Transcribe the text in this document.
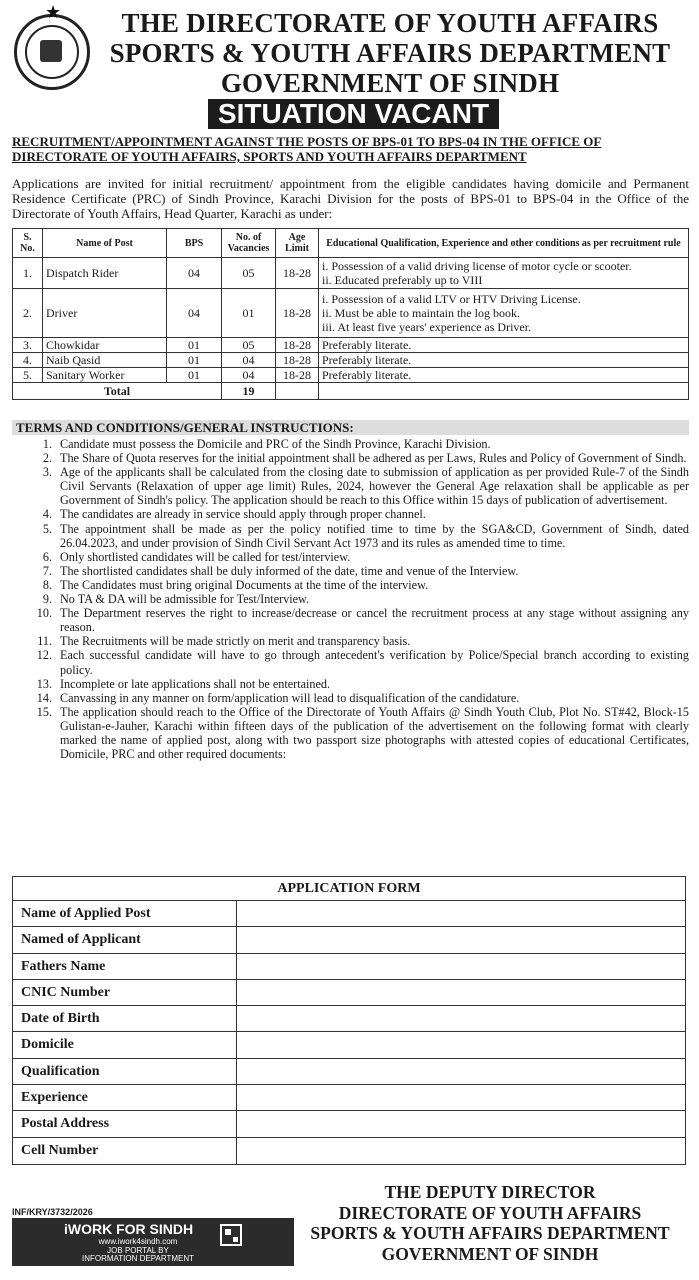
★	THE DIRECTORATE OF YOUTH AFFAIRS
SPORTS & YOUTH AFFAIRS DEPARTMENT
GOVERNMENT OF SINDH
SITUATION VACANT
RECRUITMENT/APPOINTMENT AGAINST THE POSTS OF BPS-01 TO BPS-04 IN THE OFFICE OF DIRECTORATE OF YOUTH AFFAIRS, SPORTS AND YOUTH AFFAIRS DEPARTMENT
Applications are invited for initial recruitment/ appointment from the eligible candidates having domicile and Permanent Residence Certificate (PRC) of Sindh Province, Karachi Division for the posts of BPS-01 to BPS-04 in the Office of the Directorate of Youth Affairs, Head Quarter, Karachi as under:
S. No.	Name of Post	BPS	No. of Vacancies	Age Limit	Educational Qualification, Experience and other conditions as per recruitment rule
1.	Dispatch Rider	04	05	18-28	i. Possession of a valid driving license of motor cycle or scooter.
ii. Educated preferably up to VIII

2.	Driver	04	01	18-28	i. Possession of a valid LTV or HTV Driving License.
ii. Must be able to maintain the log book.
iii. At least five years' experience as Driver.

3.	Chowkidar	01	05	18-28	Preferably literate.
4.	Naib Qasid	01	04	18-28	Preferably literate.
5.	Sanitary Worker	01	04	18-28	Preferably literate.
Total			19		
TERMS AND CONDITIONS/GENERAL INSTRUCTIONS:
1. Candidate must possess the Domicile and PRC of the Sindh Province, Karachi Division.
2. The Share of Quota reserves for the initial appointment shall be adhered as per Laws, Rules and Policy of Government of Sindh.
3. Age of the applicants shall be calculated from the closing date to submission of application as per provided Rule-7 of the Sindh Civil Servants (Relaxation of upper age limit) Rules, 2024, however the General Age relaxation shall be applicable as per Government of Sindh's policy. The application should be reach to this Office within 15 days of publication of advertisement.
4. The candidates are already in service should apply through proper channel.
5. The appointment shall be made as per the policy notified time to time by the SGA&CD, Government of Sindh, dated 26.04.2023, and under provision of Sindh Civil Servant Act 1973 and its rules as amended time to time.
6. Only shortlisted candidates will be called for test/interview.
7. The shortlisted candidates shall be duly informed of the date, time and venue of the Interview.
8. The Candidates must bring original Documents at the time of the interview.
9. No TA & DA will be admissible for Test/Interview.
10. The Department reserves the right to increase/decrease or cancel the recruitment process at any stage without assigning any reason.
11. The Recruitments will be made strictly on merit and transparency basis.
12. Each successful candidate will have to go through antecedent's verification by Police/Special branch according to existing policy.
13. Incomplete or late applications shall not be entertained.
14. Canvassing in any manner on form/application will lead to disqualification of the candidature.
15. The application should reach to the Office of the Directorate of Youth Affairs @ Sindh Youth Club, Plot No. ST#42, Block-15 Gulistan-e-Jauher, Karachi within fifteen days of the publication of the advertisement on the following format with clearly marked the name of applied post, along with two passport size photographs with attested copies of educational Certificates, Domicile, PRC and other required documents:
APPLICATION FORM
Name of Applied Post
Named of Applicant
Fathers Name
CNIC Number
Date of Birth
Domicile
Qualification
Experience
Postal Address
Cell Number
INF/KRY/3732/2026
iWORK FOR SINDH
www.iwork4sindh.com
JOB PORTAL BY
INFORMATION DEPARTMENT
THE DEPUTY DIRECTOR
DIRECTORATE OF YOUTH AFFAIRS
SPORTS & YOUTH AFFAIRS DEPARTMENT
GOVERNMENT OF SINDH
